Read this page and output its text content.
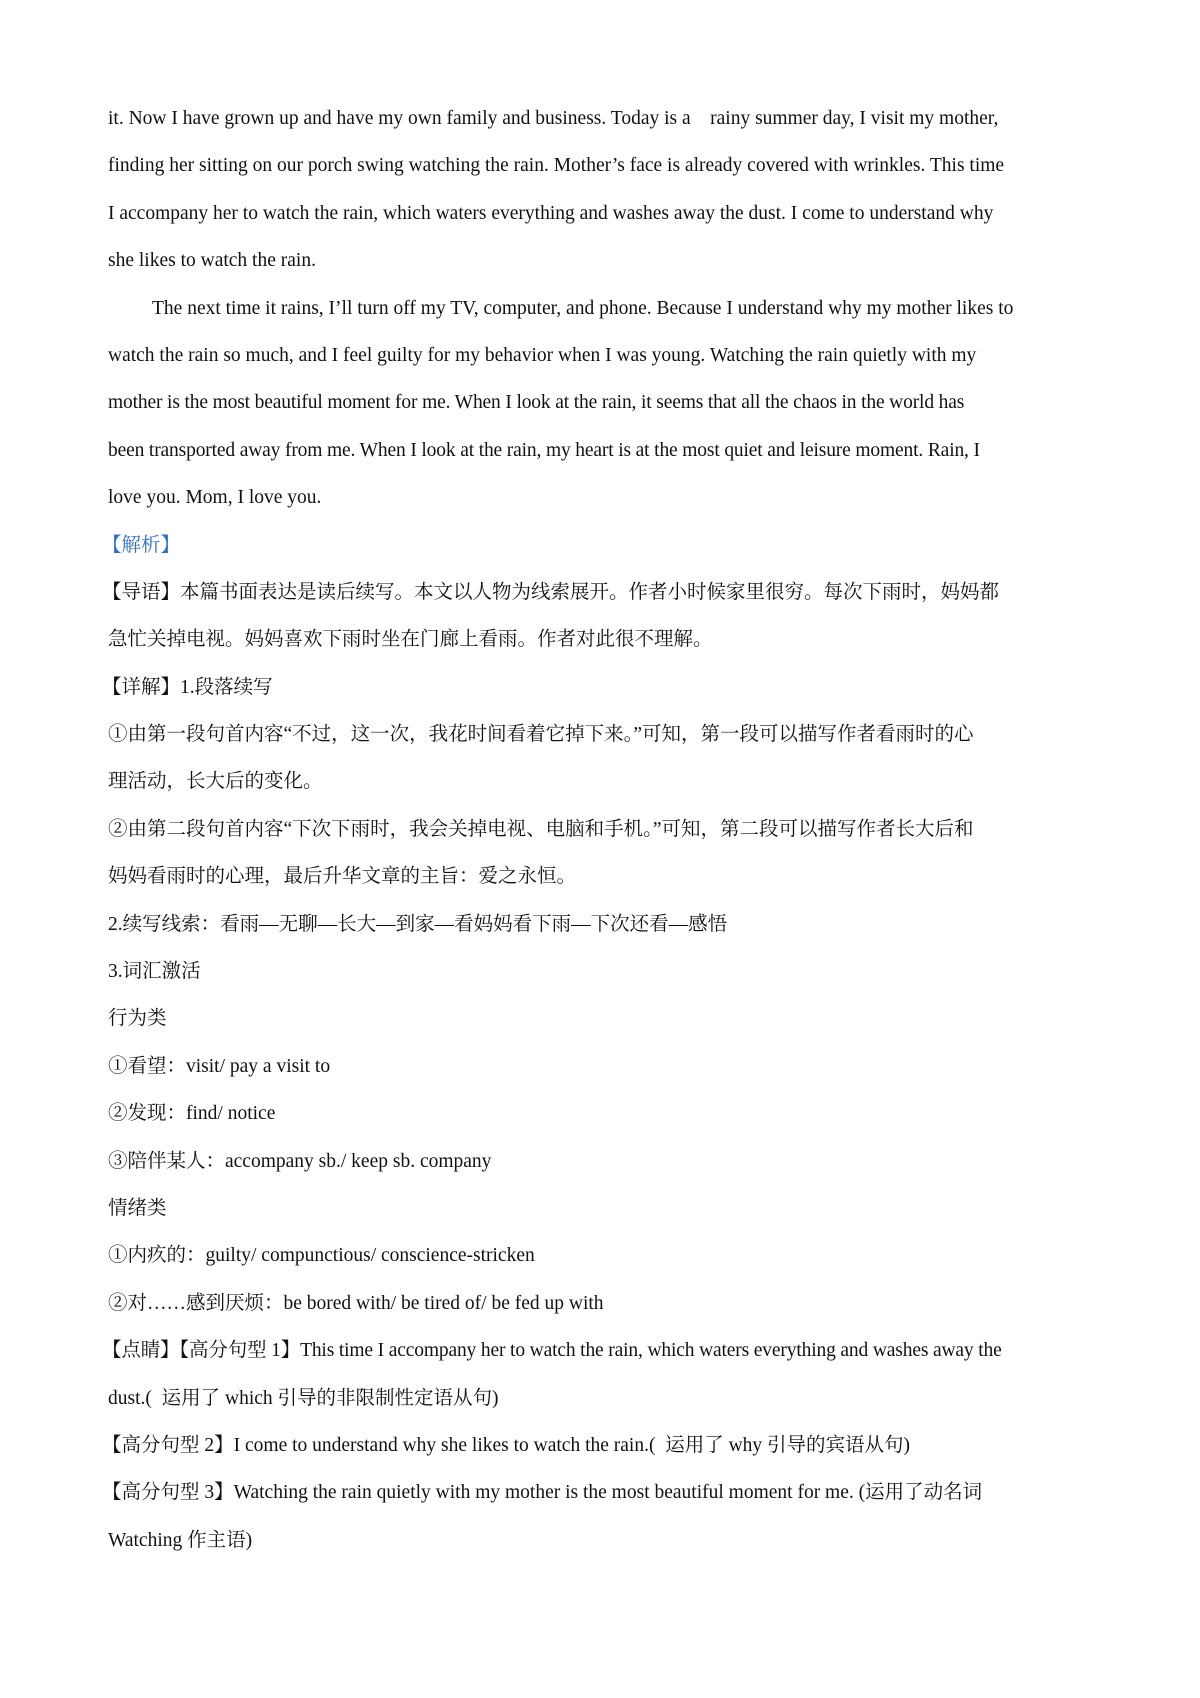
it. Now I have grown up and have my own family and business. Today is a    rainy summer day, I visit my mother,
finding her sitting on our porch swing watching the rain. Mother’s face is already covered with wrinkles. This time
I accompany her to watch the rain, which waters everything and washes away the dust. I come to understand why
she likes to watch the rain.
The next time it rains, I’ll turn off my TV, computer, and phone. Because I understand why my mother likes to
watch the rain so much, and I feel guilty for my behavior when I was young. Watching the rain quietly with my
mother is the most beautiful moment for me. When I look at the rain, it seems that all the chaos in the world has
been transported away from me. When I look at the rain, my heart is at the most quiet and leisure moment. Rain, I
love you. Mom, I love you.
【解析】
【导语】本篇书面表达是读后续写。本文以人物为线索展开。作者小时候家里很穷。每次下雨时，妈妈都
急忙关掉电视。妈妈喜欢下雨时坐在门廊上看雨。作者对此很不理解。
【详解】1.段落续写
①由第一段句首内容“不过，这一次，我花时间看着它掉下来。”可知，第一段可以描写作者看雨时的心
理活动，长大后的变化。
②由第二段句首内容“下次下雨时，我会关掉电视、电脑和手机。”可知，第二段可以描写作者长大后和
妈妈看雨时的心理，最后升华文章的主旨：爱之永恒。
2.续写线索：看雨—无聊—长大—到家—看妈妈看下雨—下次还看—感悟
3.词汇激活
行为类
①看望：visit/ pay a visit to
②发现：find/ notice
③陪伴某人：accompany sb./ keep sb. company
情绪类
①内疚的：guilty/ compunctious/ conscience-stricken
②对……感到厌烦：be bored with/ be tired of/ be fed up with
【点睛】【高分句型 1】This time I accompany her to watch the rain, which waters everything and washes away the
dust.(  运用了 which 引导的非限制性定语从句)
【高分句型 2】I come to understand why she likes to watch the rain.(  运用了 why 引导的宾语从句)
【高分句型 3】Watching the rain quietly with my mother is the most beautiful moment for me. (运用了动名词
Watching 作主语)
